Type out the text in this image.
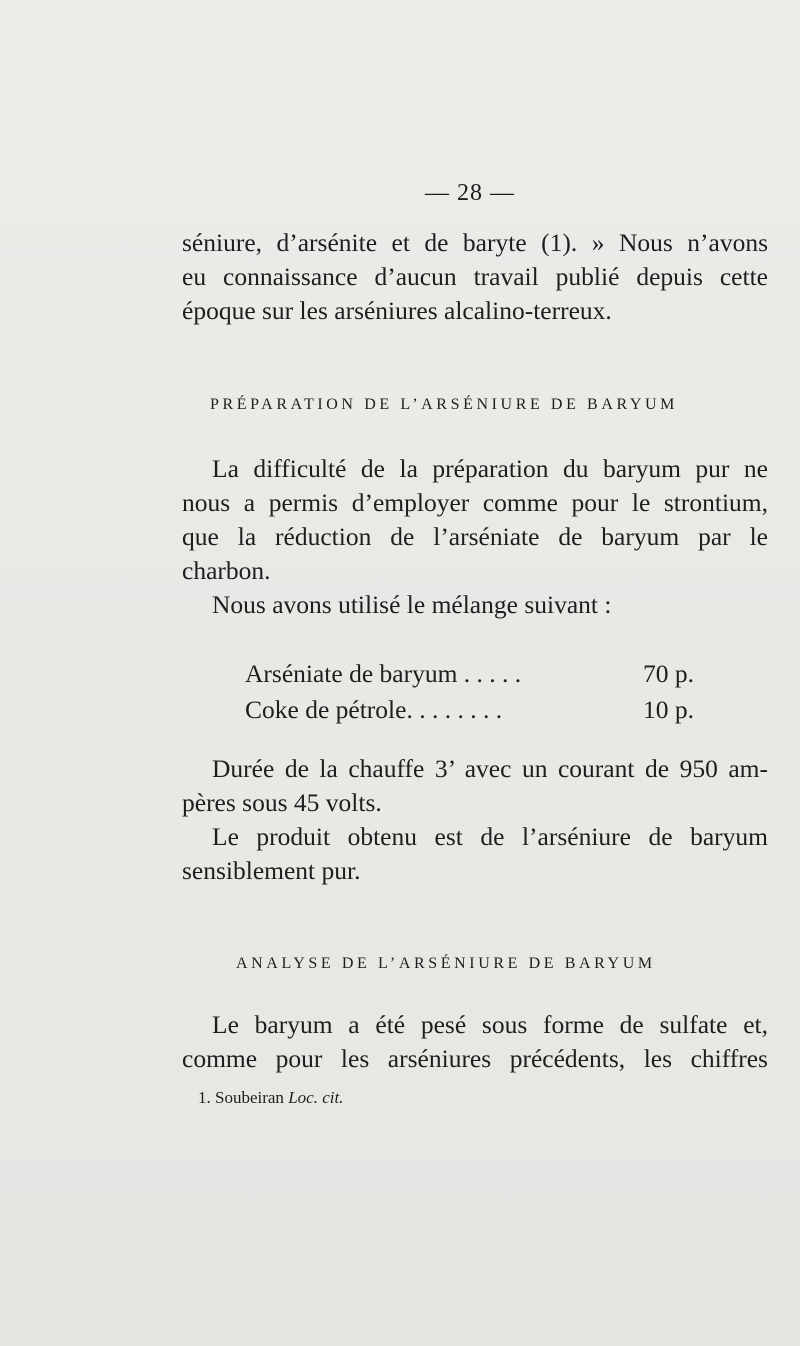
— 28 —
séniure, d’arsénite et de baryte (1). » Nous n’avons
eu connaissance d’aucun travail publié depuis cette
époque sur les arséniures alcalino-terreux.
PRÉPARATION DE L’ARSÉNIURE DE BARYUM
La difficulté de la préparation du baryum pur ne
nous a permis d’employer comme pour le strontium,
que la réduction de l’arséniate de baryum par le
charbon.
Nous avons utilisé le mélange suivant :
Arséniate de baryum . . . . .	70 p.
Coke de pétrole. . . . . . . .	10 p.
Durée de la chauffe 3’ avec un courant de 950 am-
pères sous 45 volts.
Le produit obtenu est de l’arséniure de baryum
sensiblement pur.
ANALYSE DE L’ARSÉNIURE DE BARYUM
Le baryum a été pesé sous forme de sulfate et,
comme pour les arséniures précédents, les chiffres
1. Soubeiran Loc. cit.
